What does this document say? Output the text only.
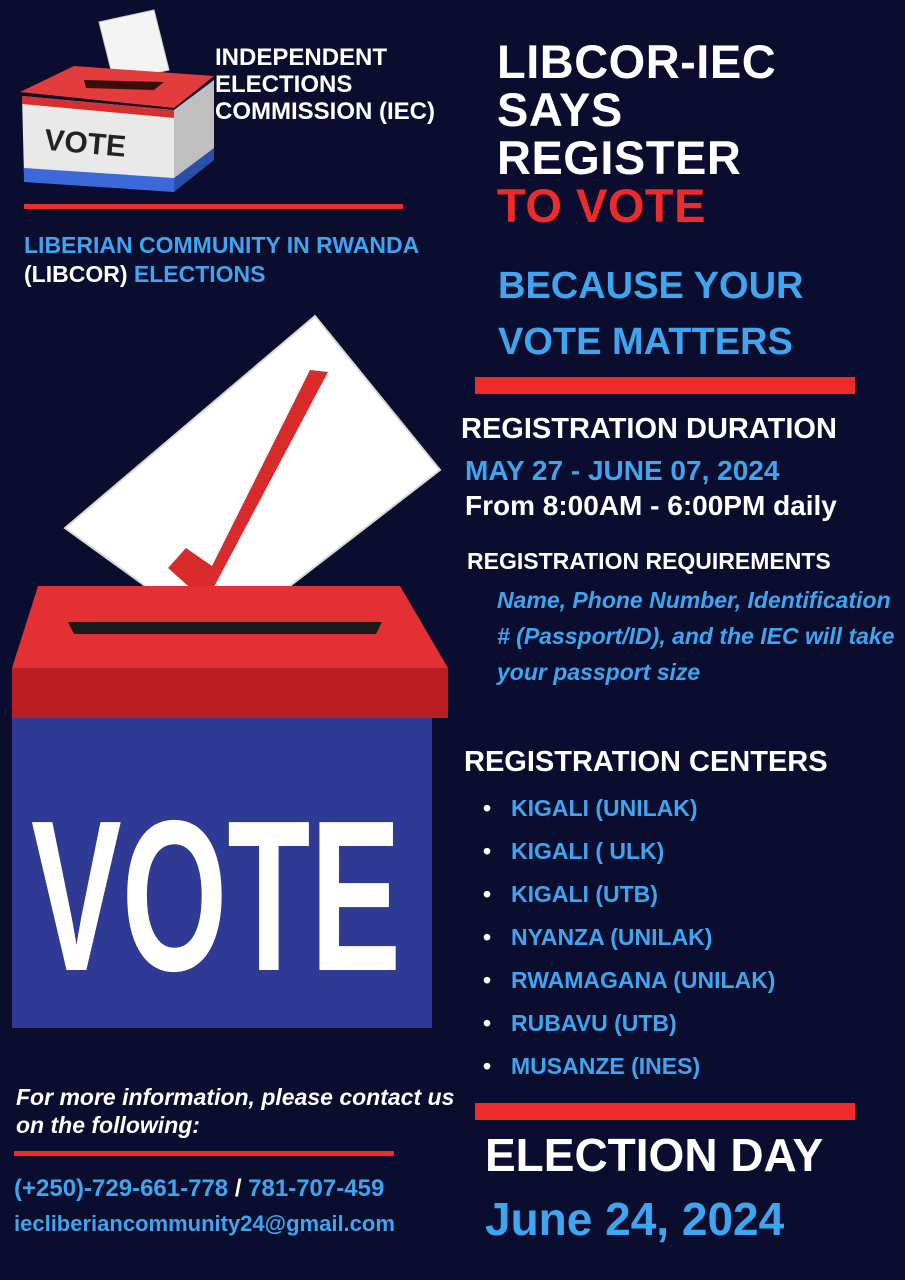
VOTE
INDEPENDENT ELECTIONS COMMISSION (IEC)
LIBCOR-IEC
SAYS
REGISTER
TO VOTE
LIBERIAN COMMUNITY IN RWANDA (LIBCOR) ELECTIONS	BECAUSE YOUR
VOTE MATTERS
VOTE
REGISTRATION DURATION
MAY 27 - JUNE 07, 2024
From 8:00AM - 6:00PM daily
REGISTRATION REQUIREMENTS
Name, Phone Number, Identification # (Passport/ID), and the IEC will take your passport size
REGISTRATION CENTERS
• KIGALI (UNILAK)
• KIGALI ( ULK)
• KIGALI (UTB)
• NYANZA (UNILAK)
• RWAMAGANA (UNILAK)
• RUBAVU (UTB)
• MUSANZE (INES)
For more information, please contact us on the following:
(+250)-729-661-778 / 781-707-459
iecliberiancommunity24@gmail.com
ELECTION DAY
June 24, 2024
